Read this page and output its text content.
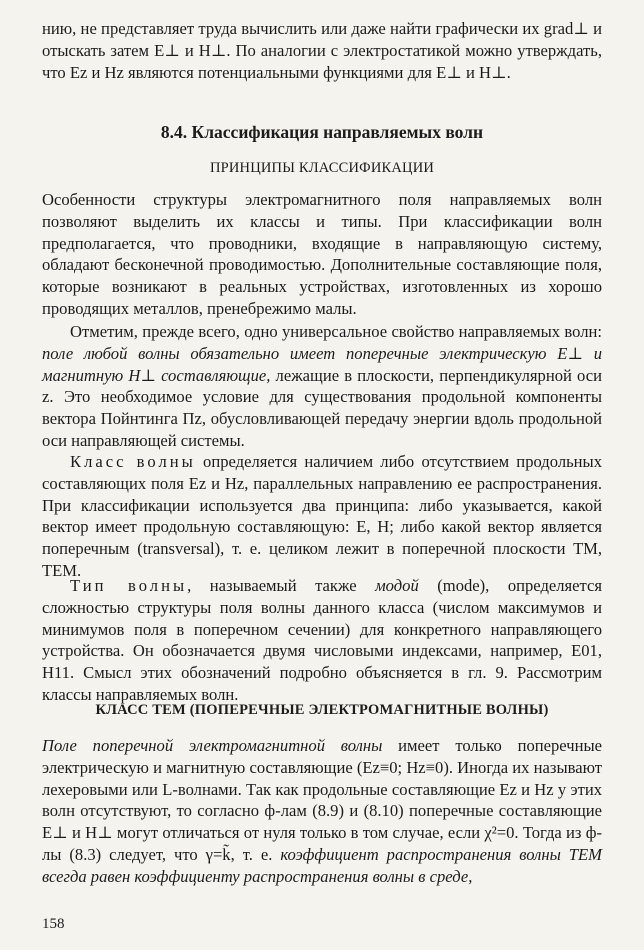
нию, не представляет труда вычислить или даже найти графически их grad⊥ и отыскать затем E⊥ и H⊥. По аналогии с электростатикой можно утверждать, что Ez и Hz являются потенциальными функциями для E⊥ и H⊥.

8.4. Классификация направляемых волн

ПРИНЦИПЫ КЛАССИФИКАЦИИ

Особенности структуры электромагнитного поля направляемых волн позволяют выделить их классы и типы. При классификации волн предполагается, что проводники, входящие в направляющую систему, обладают бесконечной проводимостью. Дополнительные составляющие поля, которые возникают в реальных устройствах, изготовленных из хорошо проводящих металлов, пренебрежимо малы.

Отметим, прежде всего, одно универсальное свойство направляемых волн: поле любой волны обязательно имеет поперечные электрическую E⊥ и магнитную H⊥ составляющие, лежащие в плоскости, перпендикулярной оси z. Это необходимое условие для существования продольной компоненты вектора Пойнтинга Πz, обусловливающей передачу энергии вдоль продольной оси направляющей системы.

Класс волны определяется наличием либо отсутствием продольных составляющих поля Ez и Hz, параллельных направлению ее распространения. При классификации используется два принципа: либо указывается, какой вектор имеет продольную составляющую: E, H; либо какой вектор является поперечным (transversal), т. е. целиком лежит в поперечной плоскости ТМ, ТЕМ.

Тип волны, называемый также модой (mode), определяется сложностью структуры поля волны данного класса (числом максимумов и минимумов поля в поперечном сечении) для конкретного направляющего устройства. Он обозначается двумя числовыми индексами, например, E01, H11. Смысл этих обозначений подробно объясняется в гл. 9. Рассмотрим классы направляемых волн.

КЛАСС ТЕМ (ПОПЕРЕЧНЫЕ ЭЛЕКТРОМАГНИТНЫЕ ВОЛНЫ)

Поле поперечной электромагнитной волны имеет только поперечные электрическую и магнитную составляющие (Ez≡0; Hz≡0). Иногда их называют лехеровыми или L-волнами. Так как продольные составляющие Ez и Hz у этих волн отсутствуют, то согласно ф-лам (8.9) и (8.10) поперечные составляющие E⊥ и H⊥ могут отличаться от нуля только в том случае, если χ²=0. Тогда из ф-лы (8.3) следует, что γ=k̃, т. е. коэффициент распространения волны ТЕМ всегда равен коэффициенту распространения волны в среде,

158
